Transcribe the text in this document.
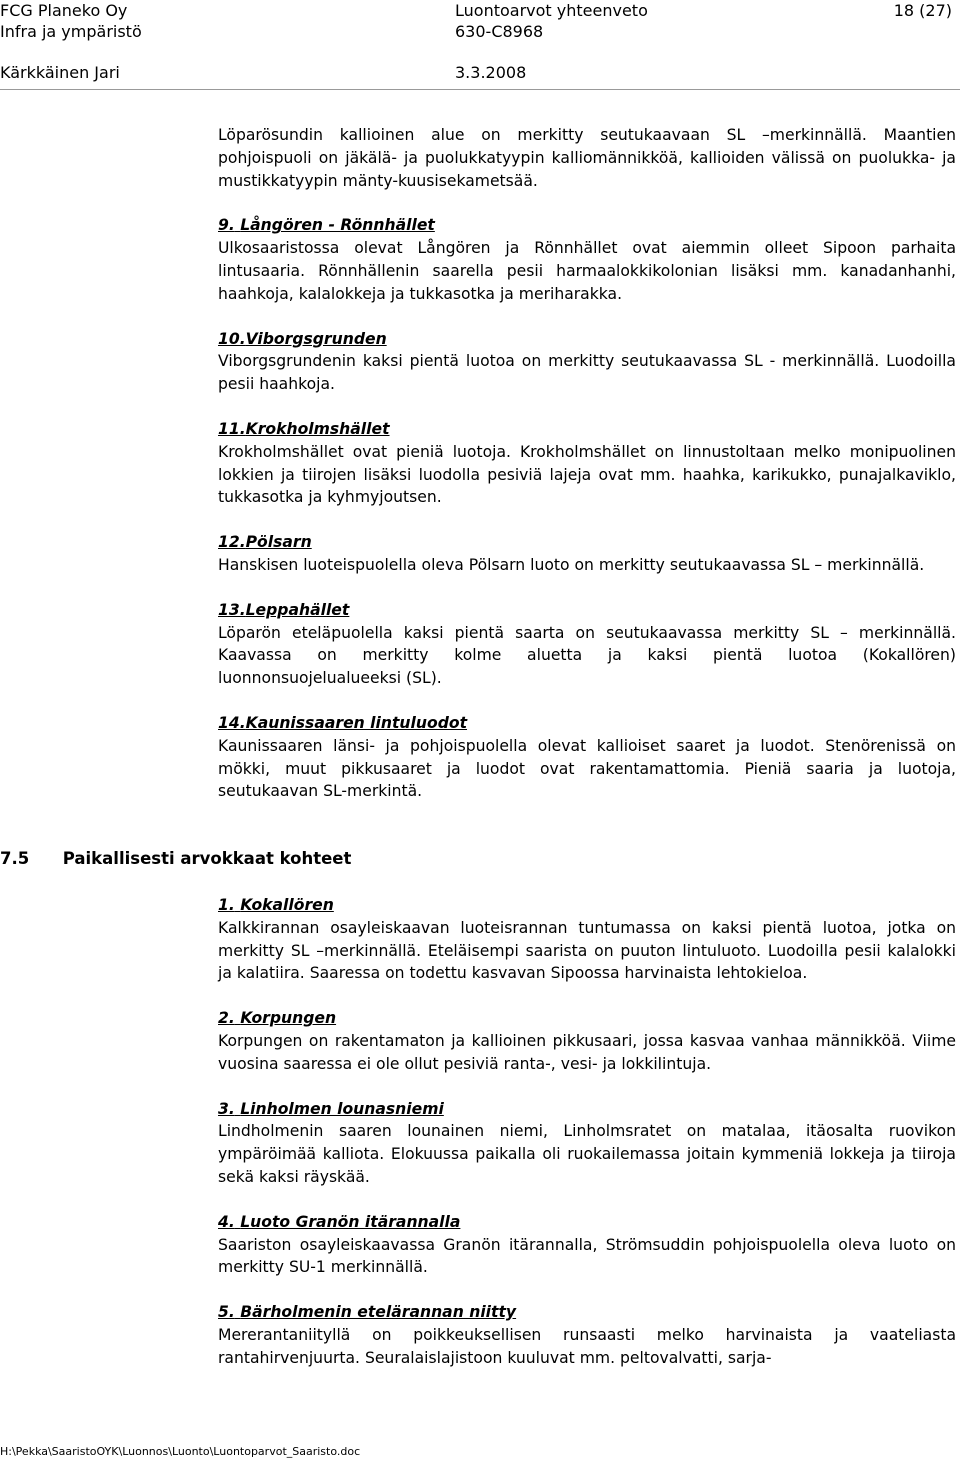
FCG Planeko Oy
Infra ja ympäristö
Kärkkäinen Jari
Luontoarvot yhteenveto
630-C8968
3.3.2008
18 (27)

Löparösundin kallioinen alue on merkitty seutukaavaan SL –merkinnällä. Maantien pohjoispuoli on jäkälä- ja puolukkatyypin kalliomännikköä, kallioiden välissä on puolukka- ja mustikkatyypin mänty-kuusisekametsää.

9. Långören - Rönnhället
Ulkosaaristossa olevat Långören ja Rönnhället ovat aiemmin olleet Sipoon parhaita lintusaaria. Rönnhällenin saarella pesii harmaalokkikolonian lisäksi mm. kanadanhanhi, haahkoja, kalalokkeja ja tukkasotka ja meriharakka.

10.Viborgsgrunden
Viborgsgrundenin kaksi pientä luotoa on merkitty seutukaavassa SL - merkinnällä. Luodoilla pesii haahkoja.

11.Krokholmshället
Krokholmshället ovat pieniä luotoja. Krokholmshället on linnustoltaan melko monipuolinen lokkien ja tiirojen lisäksi luodolla pesiviä lajeja ovat mm. haahka, karikukko, punajalkaviklo, tukkasotka ja kyhmyjoutsen.

12.Pölsarn
Hanskisen luoteispuolella oleva Pölsarn luoto on merkitty seutukaavassa SL – merkinnällä.

13.Leppahället
Löparön eteläpuolella kaksi pientä saarta on seutukaavassa merkitty SL – merkinnällä. Kaavassa on merkitty kolme aluetta ja kaksi pientä luotoa (Kokallören) luonnonsuojelualueeksi (SL).

14.Kaunissaaren lintuluodot
Kaunissaaren länsi- ja pohjoispuolella olevat kallioiset saaret ja luodot. Stenörenissä on mökki, muut pikkusaaret ja luodot ovat rakentamattomia. Pieniä saaria ja luotoja, seutukaavan SL-merkintä.

7.5 Paikallisesti arvokkaat kohteet

1. Kokallören
Kalkkirannan osayleiskaavan luoteisrannan tuntumassa on kaksi pientä luotoa, jotka on merkitty SL –merkinnällä. Eteläisempi saarista on puuton lintuluoto. Luodoilla pesii kalalokki ja kalatiira. Saaressa on todettu kasvavan Sipoossa harvinaista lehtokieloa.

2. Korpungen
Korpungen on rakentamaton ja kallioinen pikkusaari, jossa kasvaa vanhaa männikköä. Viime vuosina saaressa ei ole ollut pesiviä ranta-, vesi- ja lokkilintuja.

3. Linholmen lounasniemi
Lindholmenin saaren lounainen niemi, Linholmsratet on matalaa, itäosalta ruovikon ympäröimää kalliota. Elokuussa paikalla oli ruokailemassa joitain kymmeniä lokkeja ja tiiroja sekä kaksi räyskää.

4. Luoto Granön itärannalla
Saariston osayleiskaavassa Granön itärannalla, Strömsuddin pohjoispuolella oleva luoto on merkitty SU-1 merkinnällä.

5. Bärholmenin etelärannan niitty
Mererantaniityllä on poikkeuksellisen runsaasti melko harvinaista ja vaateliasta rantahirvenjuurta. Seuralaislajistoon kuuluvat mm. peltovalvatti, sarja-

H:\Pekka\SaaristoOYK\Luonnos\Luonto\Luontoparvot_Saaristo.doc
